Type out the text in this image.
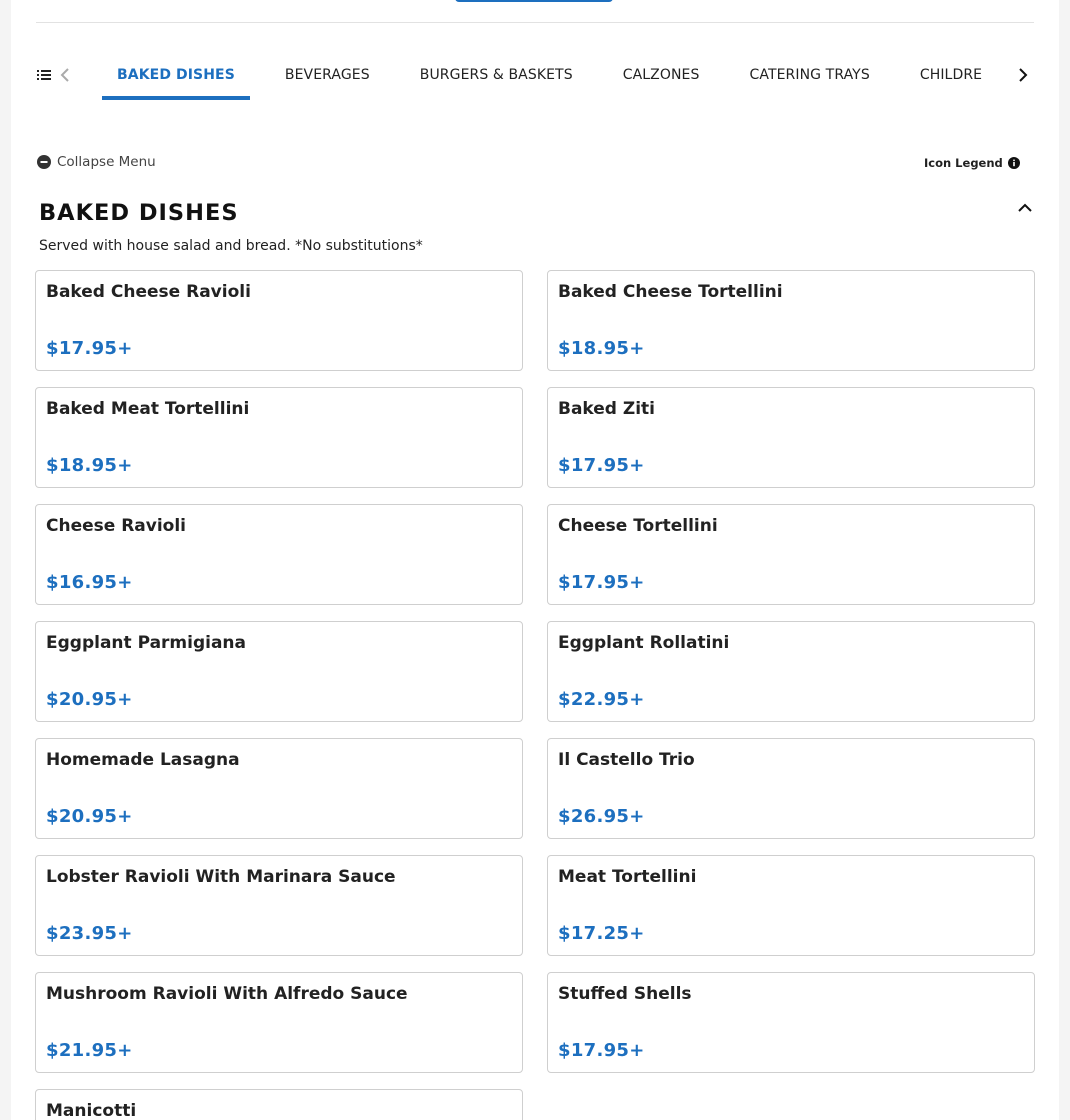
BAKED DISHES	BEVERAGES	BURGERS & BASKETS	CALZONES	CATERING TRAYS	CHILDRE
Collapse Menu	Icon Legend
BAKED DISHES
Served with house salad and bread. *No substitutions*
Baked Cheese Ravioli
$17.95+
Baked Cheese Tortellini
$18.95+
Baked Meat Tortellini
$18.95+
Baked Ziti
$17.95+
Cheese Ravioli
$16.95+
Cheese Tortellini
$17.95+
Eggplant Parmigiana
$20.95+
Eggplant Rollatini
$22.95+
Homemade Lasagna
$20.95+
Il Castello Trio
$26.95+
Lobster Ravioli With Marinara Sauce
$23.95+
Meat Tortellini
$17.25+
Mushroom Ravioli With Alfredo Sauce
$21.95+
Stuffed Shells
$17.95+
Manicotti
